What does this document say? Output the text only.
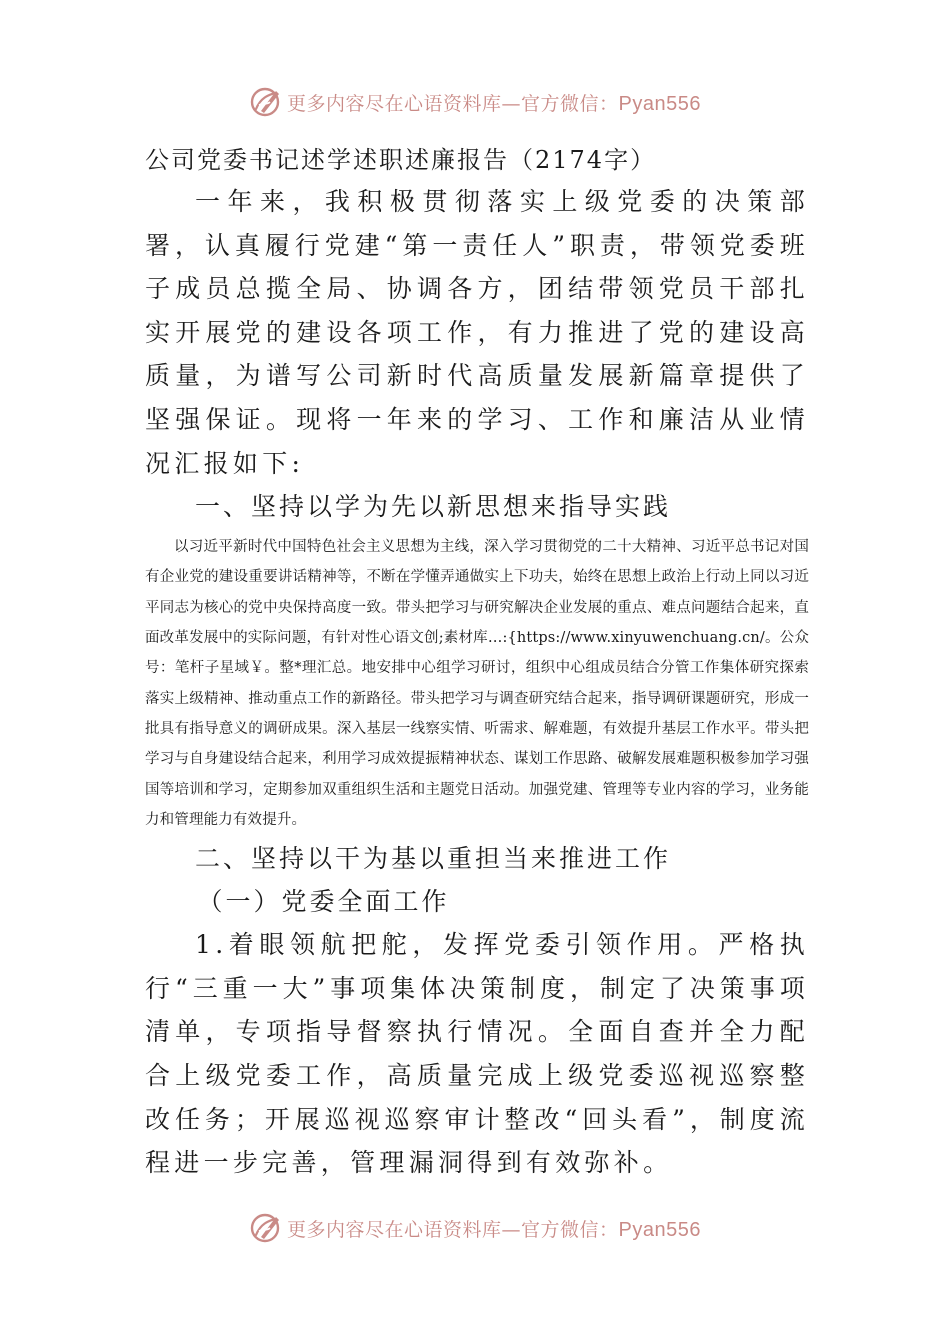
更多内容尽在心语资料库—官方微信：Pyan556

公司党委书记述学述职述廉报告（2174字）

一年来，我积极贯彻落实上级党委的决策部署，认真履行党建“第一责任人”职责，带领党委班子成员总揽全局、协调各方，团结带领党员干部扎实开展党的建设各项工作，有力推进了党的建设高质量，为谱写公司新时代高质量发展新篇章提供了坚强保证。现将一年来的学习、工作和廉洁从业情况汇报如下:

一、坚持以学为先以新思想来指导实践

以习近平新时代中国特色社会主义思想为主线，深入学习贯彻党的二十大精神、习近平总书记对国有企业党的建设重要讲话精神等，不断在学懂弄通做实上下功夫，始终在思想上政治上行动上同以习近平同志为核心的党中央保持高度一致。带头把学习与研究解决企业发展的重点、难点问题结合起来，直面改革发展中的实际问题，有针对性心语文创;素材库…:{https://www.xinyuwenchuang.cn/。公众号：笔杆子星域￥。整*理汇总。地安排中心组学习研讨，组织中心组成员结合分管工作集体研究探索落实上级精神、推动重点工作的新路径。带头把学习与调查研究结合起来，指导调研课题研究，形成一批具有指导意义的调研成果。深入基层一线察实情、听需求、解难题，有效提升基层工作水平。带头把学习与自身建设结合起来，利用学习成效提振精神状态、谋划工作思路、破解发展难题积极参加学习强国等培训和学习，定期参加双重组织生活和主题党日活动。加强党建、管理等专业内容的学习，业务能力和管理能力有效提升。

二、坚持以干为基以重担当来推进工作

（一）党委全面工作

1.着眼领航把舵，发挥党委引领作用。严格执行“三重一大”事项集体决策制度，制定了决策事项清单，专项指导督察执行情况。全面自查并全力配合上级党委工作，高质量完成上级党委巡视巡察整改任务；开展巡视巡察审计整改“回头看”，制度流程进一步完善，管理漏洞得到有效弥补。

更多内容尽在心语资料库—官方微信：Pyan556
